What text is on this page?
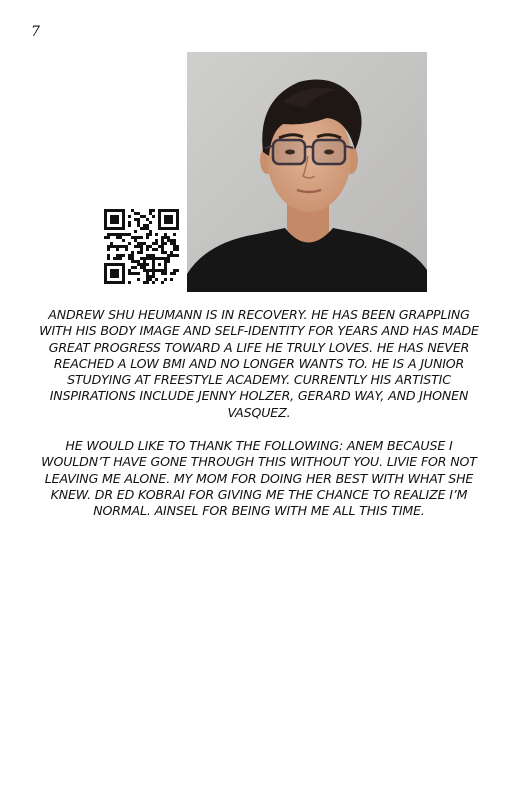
7

ANDREW SHU HEUMANN IS IN RECOVERY. HE HAS BEEN GRAPPLING WITH HIS BODY IMAGE AND SELF-IDENTITY FOR YEARS AND HAS MADE GREAT PROGRESS TOWARD A LIFE HE TRULY LOVES. HE HAS NEVER REACHED A LOW BMI AND NO LONGER WANTS TO. HE IS A JUNIOR STUDYING AT FREESTYLE ACADEMY. CURRENTLY HIS ARTISTIC INSPIRATIONS INCLUDE JENNY HOLZER, GERARD WAY, AND JHONEN VASQUEZ.

HE WOULD LIKE TO THANK THE FOLLOWING: ANEM BECAUSE I WOULDN’T HAVE GONE THROUGH THIS WITHOUT YOU. LIVIE FOR NOT LEAVING ME ALONE. MY MOM FOR DOING HER BEST WITH WHAT SHE KNEW. DR ED KOBRAI FOR GIVING ME THE CHANCE TO REALIZE I’M NORMAL. AINSEL FOR BEING WITH ME ALL THIS TIME.
